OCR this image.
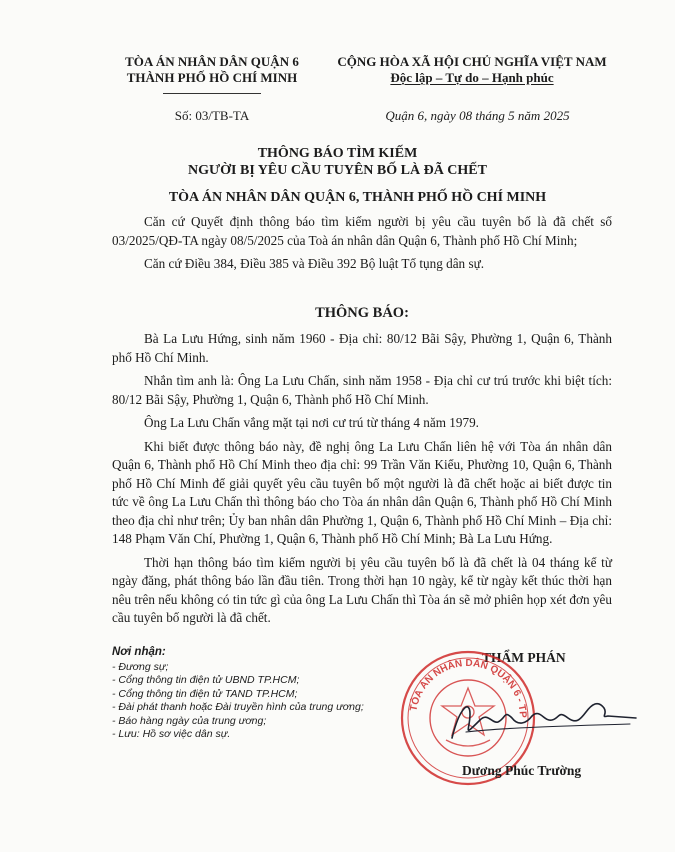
TÒA ÁN NHÂN DÂN QUẬN 6
THÀNH PHỐ HỒ CHÍ MINH
CỘNG HÒA XÃ HỘI CHỦ NGHĨA VIỆT NAM
Độc lập – Tự do – Hạnh phúc
Số: 03/TB-TA	Quận 6, ngày 08 tháng 5 năm 2025
THÔNG BÁO TÌM KIẾM
NGƯỜI BỊ YÊU CẦU TUYÊN BỐ LÀ ĐÃ CHẾT
TÒA ÁN NHÂN DÂN QUẬN 6, THÀNH PHỐ HỒ CHÍ MINH

Căn cứ Quyết định thông báo tìm kiếm người bị yêu cầu tuyên bố là đã chết số 03/2025/QĐ-TA ngày 08/5/2025 của Toà án nhân dân Quận 6, Thành phố Hồ Chí Minh;

Căn cứ Điều 384, Điều 385 và Điều 392 Bộ luật Tố tụng dân sự.

THÔNG BÁO:

Bà La Lưu Hứng, sinh năm 1960 - Địa chỉ: 80/12 Bãi Sậy, Phường 1, Quận 6, Thành phố Hồ Chí Minh.

Nhắn tìm anh là: Ông La Lưu Chấn, sinh năm 1958 - Địa chỉ cư trú trước khi biệt tích: 80/12 Bãi Sậy, Phường 1, Quận 6, Thành phố Hồ Chí Minh.

Ông La Lưu Chấn vắng mặt tại nơi cư trú từ tháng 4 năm 1979.

Khi biết được thông báo này, đề nghị ông La Lưu Chấn liên hệ với Tòa án nhân dân Quận 6, Thành phố Hồ Chí Minh theo địa chỉ: 99 Trần Văn Kiểu, Phường 10, Quận 6, Thành phố Hồ Chí Minh để giải quyết yêu cầu tuyên bố một người là đã chết hoặc ai biết được tin tức về ông La Lưu Chấn thì thông báo cho Tòa án nhân dân Quận 6, Thành phố Hồ Chí Minh theo địa chỉ như trên; Ủy ban nhân dân Phường 1, Quận 6, Thành phố Hồ Chí Minh – Địa chỉ: 148 Phạm Văn Chí, Phường 1, Quận 6, Thành phố Hồ Chí Minh; Bà La Lưu Hứng.

Thời hạn thông báo tìm kiếm người bị yêu cầu tuyên bố là đã chết là 04 tháng kể từ ngày đăng, phát thông báo lần đầu tiên. Trong thời hạn 10 ngày, kể từ ngày kết thúc thời hạn nêu trên nếu không có tin tức gì của ông La Lưu Chấn thì Tòa án sẽ mở phiên họp xét đơn yêu cầu tuyên bố người là đã chết.

Nơi nhận:
- Đương sự;
- Cổng thông tin điện tử UBND TP.HCM;
- Cổng thông tin điện tử TAND TP.HCM;
- Đài phát thanh hoặc Đài truyền hình của trung ương;
- Báo hàng ngày của trung ương;
- Lưu: Hồ sơ việc dân sự.
THẨM PHÁN
TÒA ÁN NHÂN DÂN QUẬN 6 - TP
Dương Phúc Trường
